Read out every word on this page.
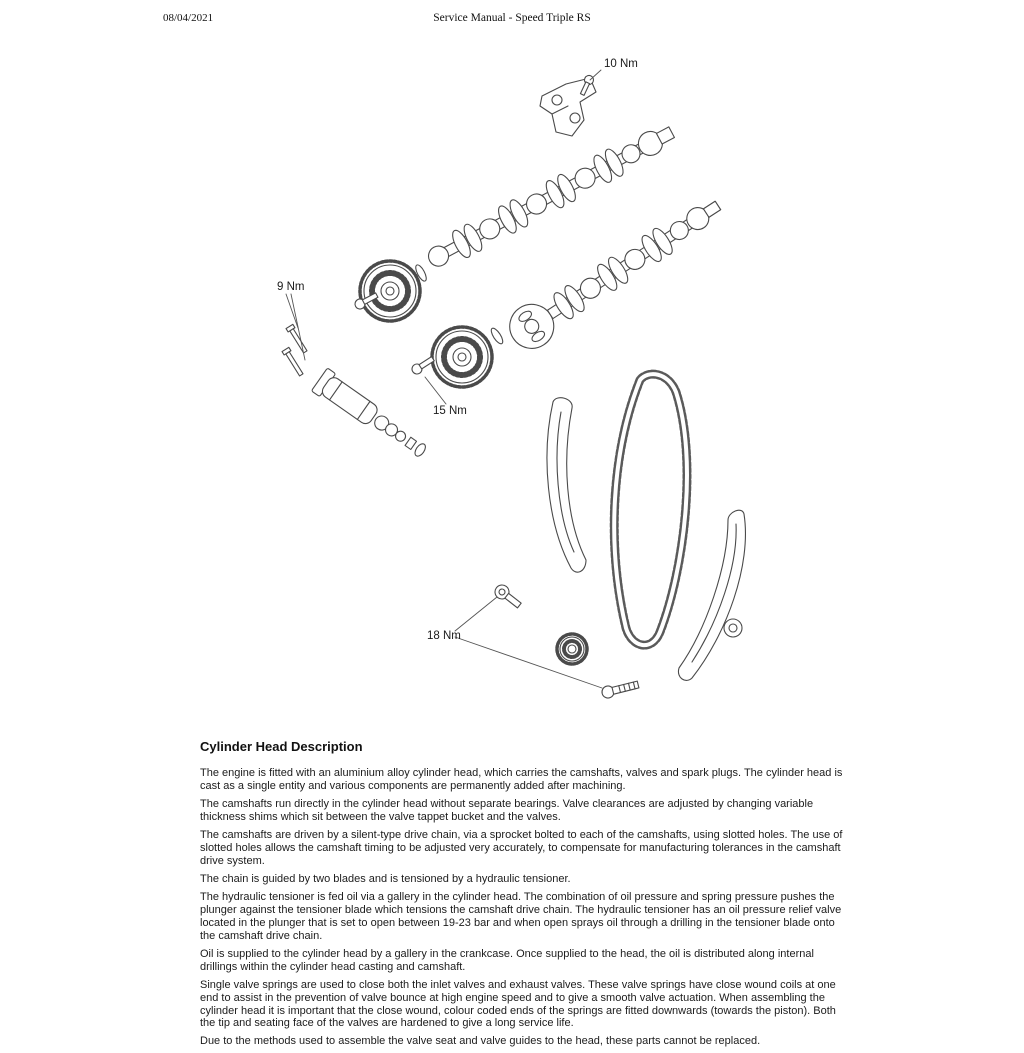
08/04/2021	Service Manual - Speed Triple RS
10 Nm
9 Nm
15 Nm
18 Nm
Cylinder Head Description

The engine is fitted with an aluminium alloy cylinder head, which carries the camshafts, valves and spark plugs. The cylinder head is cast as a single entity and various components are permanently added after machining.

The camshafts run directly in the cylinder head without separate bearings. Valve clearances are adjusted by changing variable thickness shims which sit between the valve tappet bucket and the valves.

The camshafts are driven by a silent-type drive chain, via a sprocket bolted to each of the camshafts, using slotted holes. The use of slotted holes allows the camshaft timing to be adjusted very accurately, to compensate for manufacturing tolerances in the camshaft drive system.

The chain is guided by two blades and is tensioned by a hydraulic tensioner.

The hydraulic tensioner is fed oil via a gallery in the cylinder head. The combination of oil pressure and spring pressure pushes the plunger against the tensioner blade which tensions the camshaft drive chain. The hydraulic tensioner has an oil pressure relief valve located in the plunger that is set to open between 19-23 bar and when open sprays oil through a drilling in the tensioner blade onto the camshaft drive chain.

Oil is supplied to the cylinder head by a gallery in the crankcase. Once supplied to the head, the oil is distributed along internal drillings within the cylinder head casting and camshaft.

Single valve springs are used to close both the inlet valves and exhaust valves. These valve springs have close wound coils at one end to assist in the prevention of valve bounce at high engine speed and to give a smooth valve actuation. When assembling the cylinder head it is important that the close wound, colour coded ends of the springs are fitted downwards (towards the piston). Both the tip and seating face of the valves are hardened to give a long service life.

Due to the methods used to assemble the valve seat and valve guides to the head, these parts cannot be replaced.
